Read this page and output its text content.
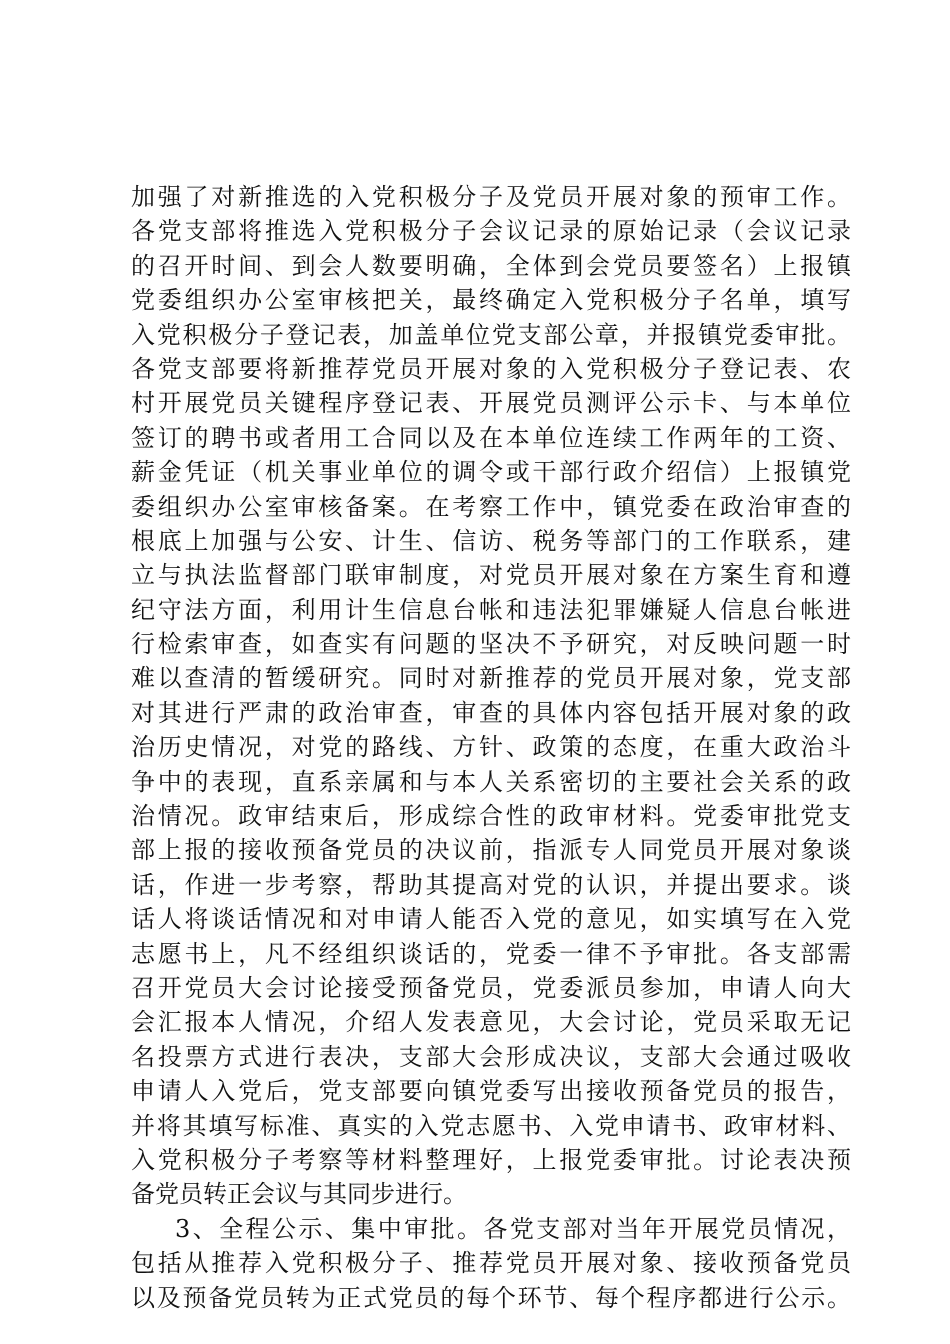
加强了对新推选的入党积极分子及党员开展对象的预审工作。
各党支部将推选入党积极分子会议记录的原始记录（会议记录
的召开时间、到会人数要明确，全体到会党员要签名）上报镇
党委组织办公室审核把关，最终确定入党积极分子名单，填写
入党积极分子登记表，加盖单位党支部公章，并报镇党委审批。
各党支部要将新推荐党员开展对象的入党积极分子登记表、农
村开展党员关键程序登记表、开展党员测评公示卡、与本单位
签订的聘书或者用工合同以及在本单位连续工作两年的工资、
薪金凭证（机关事业单位的调令或干部行政介绍信）上报镇党
委组织办公室审核备案。在考察工作中，镇党委在政治审查的
根底上加强与公安、计生、信访、税务等部门的工作联系，建
立与执法监督部门联审制度，对党员开展对象在方案生育和遵
纪守法方面，利用计生信息台帐和违法犯罪嫌疑人信息台帐进
行检索审查，如查实有问题的坚决不予研究，对反映问题一时
难以查清的暂缓研究。同时对新推荐的党员开展对象，党支部
对其进行严肃的政治审查，审查的具体内容包括开展对象的政
治历史情况，对党的路线、方针、政策的态度，在重大政治斗
争中的表现，直系亲属和与本人关系密切的主要社会关系的政
治情况。政审结束后，形成综合性的政审材料。党委审批党支
部上报的接收预备党员的决议前，指派专人同党员开展对象谈
话，作进一步考察，帮助其提高对党的认识，并提出要求。谈
话人将谈话情况和对申请人能否入党的意见，如实填写在入党
志愿书上，凡不经组织谈话的，党委一律不予审批。各支部需
召开党员大会讨论接受预备党员，党委派员参加，申请人向大
会汇报本人情况，介绍人发表意见，大会讨论，党员采取无记
名投票方式进行表决，支部大会形成决议，支部大会通过吸收
申请人入党后，党支部要向镇党委写出接收预备党员的报告，
并将其填写标准、真实的入党志愿书、入党申请书、政审材料、
入党积极分子考察等材料整理好，上报党委审批。讨论表决预
备党员转正会议与其同步进行。
3、全程公示、集中审批。各党支部对当年开展党员情况，
包括从推荐入党积极分子、推荐党员开展对象、接收预备党员
以及预备党员转为正式党员的每个环节、每个程序都进行公示。
